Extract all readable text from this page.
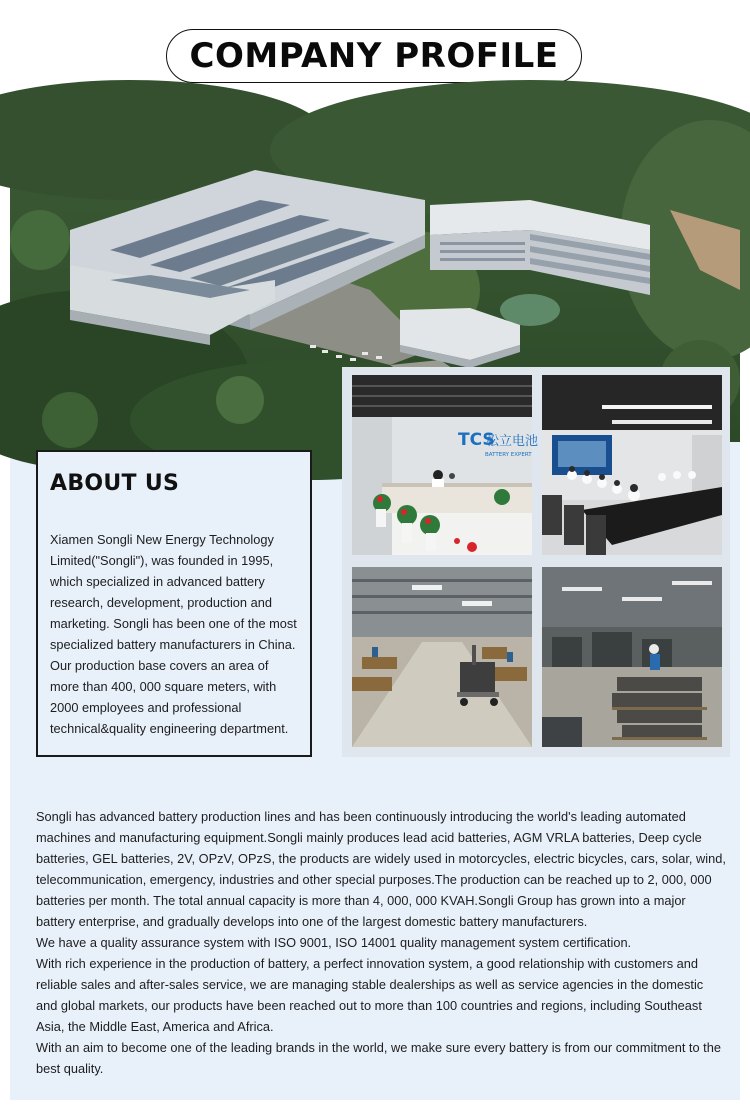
COMPANY PROFILE
TCS
松立电池
BATTERY EXPERT
ABOUT US
Xiamen Songli New Energy Technology Limited("Songli"), was founded in 1995, which specialized in advanced battery research, development, production and marketing. Songli has been one of the most specialized battery manufacturers in China. Our production base covers an area of more than 400, 000 square meters, with 2000 employees and professional technical&quality engineering department.

Songli has advanced battery production lines and has been continuously introducing the world's leading automated machines and manufacturing equipment.Songli mainly produces lead acid batteries, AGM VRLA batteries, Deep cycle batteries, GEL batteries, 2V, OPzV, OPzS, the products are widely used in motorcycles, electric bicycles, cars, solar, wind, telecommunication, emergency, industries and other special purposes.The production can be reached up to 2, 000, 000 batteries per month. The total annual capacity is more than 4, 000, 000 KVAH.Songli Group has grown into a major battery enterprise, and gradually develops into one of the largest domestic battery manufacturers.

We have a quality assurance system with ISO 9001, ISO 14001 quality management system certification.

With rich experience in the production of battery, a perfect innovation system, a good relationship with customers and reliable sales and after-sales service, we are managing stable dealerships as well as service agencies in the domestic and global markets, our products have been reached out to more than 100 countries and regions, including Southeast Asia, the Middle East, America and Africa.

With an aim to become one of the leading brands in the world, we make sure every battery is from our commitment to the best quality.
